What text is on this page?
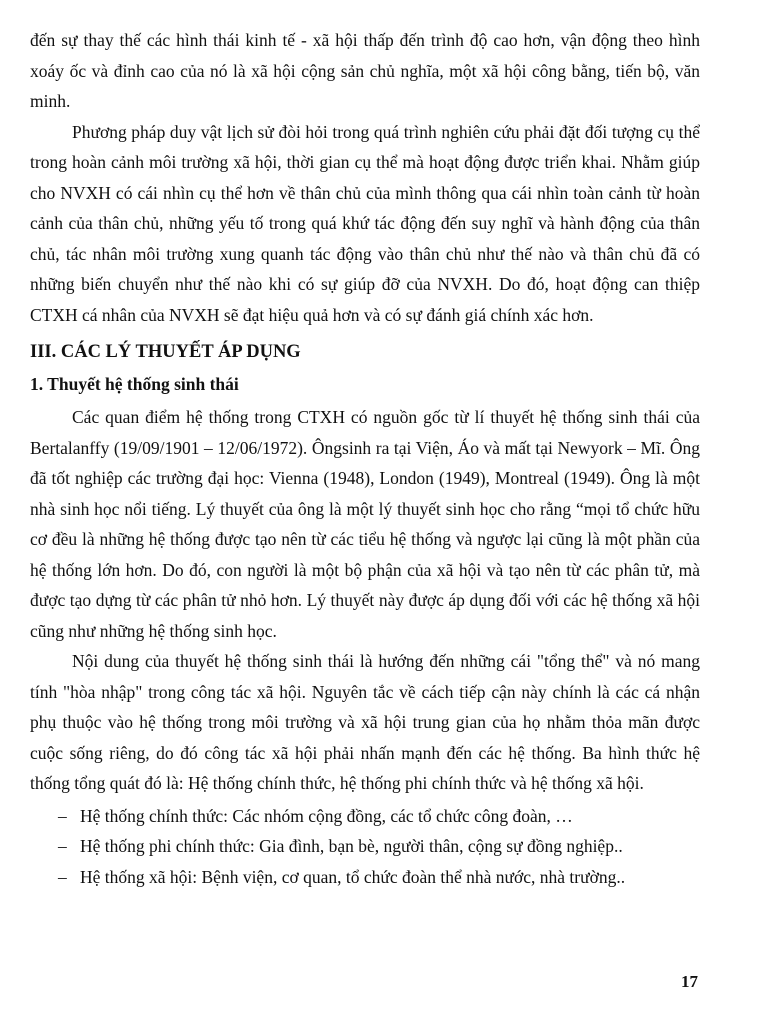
đến sự thay thế các hình thái kinh tế - xã hội thấp đến trình độ cao hơn, vận động theo hình xoáy ốc và đỉnh cao của nó là xã hội cộng sản chủ nghĩa, một xã hội công bằng, tiến bộ, văn minh.

Phương pháp duy vật lịch sử đòi hỏi trong quá trình nghiên cứu phải đặt đối tượng cụ thể trong hoàn cảnh môi trường xã hội, thời gian cụ thể mà hoạt động được triển khai. Nhằm giúp cho NVXH có cái nhìn cụ thể hơn về thân chủ của mình thông qua cái nhìn toàn cảnh từ hoàn cảnh của thân chủ, những yếu tố trong quá khứ tác động đến suy nghĩ và hành động của thân chủ, tác nhân môi trường xung quanh tác động vào thân chủ như thế nào và thân chủ đã có những biến chuyển như thế nào khi có sự giúp đỡ của NVXH. Do đó, hoạt động can thiệp CTXH cá nhân của NVXH sẽ đạt hiệu quả hơn và có sự đánh giá chính xác hơn.

III. CÁC LÝ THUYẾT ÁP DỤNG
1. Thuyết hệ thống sinh thái

Các quan điểm hệ thống trong CTXH có nguồn gốc từ lí thuyết hệ thống sinh thái của Bertalanffy (19/09/1901 – 12/06/1972). Ôngsinh ra tại Viện, Áo và mất tại Newyork – Mĩ. Ông đã tốt nghiệp các trường đại học: Vienna (1948), London (1949), Montreal (1949). Ông là một nhà sinh học nổi tiếng. Lý thuyết của ông là một lý thuyết sinh học cho rằng “mọi tổ chức hữu cơ đều là những hệ thống được tạo nên từ các tiểu hệ thống và ngược lại cũng là một phần của hệ thống lớn hơn. Do đó, con người là một bộ phận của xã hội và tạo nên từ các phân tử, mà được tạo dựng từ các phân tử nhỏ hơn. Lý thuyết này được áp dụng đối với các hệ thống xã hội cũng như những hệ thống sinh học.

Nội dung của thuyết hệ thống sinh thái là hướng đến những cái "tổng thể" và nó mang tính "hòa nhập" trong công tác xã hội. Nguyên tắc về cách tiếp cận này chính là các cá nhận phụ thuộc vào hệ thống trong môi trường và xã hội trung gian của họ nhằm thỏa mãn được cuộc sống riêng, do đó công tác xã hội phải nhấn mạnh đến các hệ thống. Ba hình thức hệ thống tổng quát đó là: Hệ thống chính thức, hệ thống phi chính thức và hệ thống xã hội.

– Hệ thống chính thức: Các nhóm cộng đồng, các tổ chức công đoàn, …
– Hệ thống phi chính thức: Gia đình, bạn bè, người thân, cộng sự đồng nghiệp..
– Hệ thống xã hội: Bệnh viện, cơ quan, tổ chức đoàn thể nhà nước, nhà trường..
17
